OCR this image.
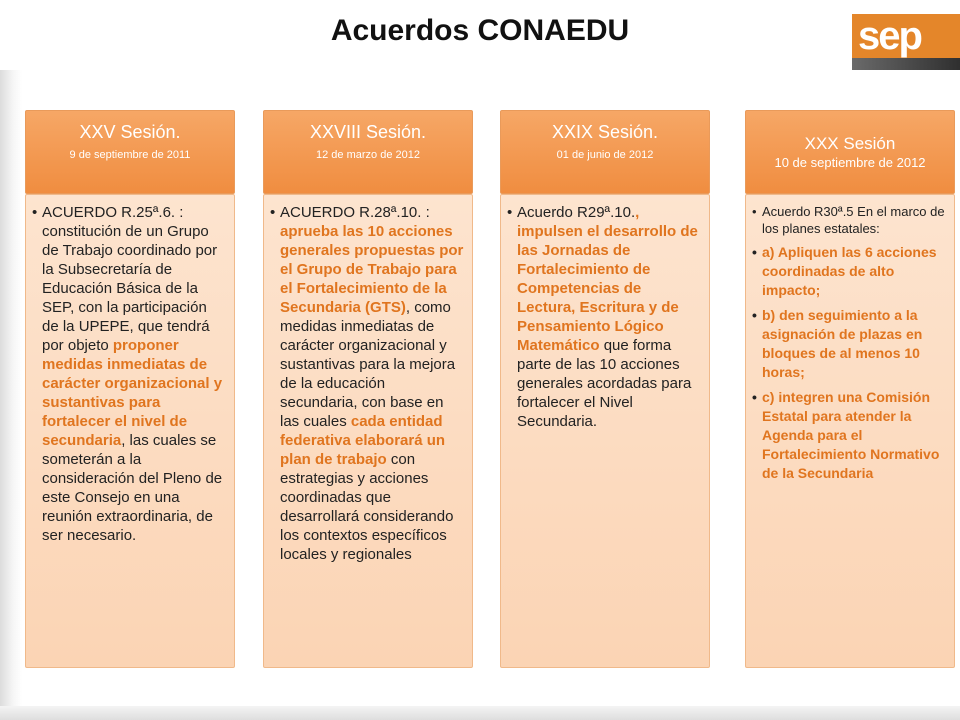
Acuerdos CONAEDU	sep
XXV Sesión.
9 de septiembre de 2011
• ACUERDO R.25ª.6. : constitución de un Grupo de Trabajo coordinado por la Subsecretaría de Educación Básica de la SEP, con la participación de la UPEPE, que tendrá por objeto proponer medidas inmediatas de carácter organizacional y sustantivas para fortalecer el nivel de secundaria, las cuales se someterán a la consideración del Pleno de este Consejo en una reunión extraordinaria, de ser necesario.
XXVIII Sesión.
12 de marzo de 2012
• ACUERDO R.28ª.10. : aprueba las 10 acciones generales propuestas por el Grupo de Trabajo para el Fortalecimiento de la Secundaria (GTS), como medidas inmediatas de carácter organizacional y sustantivas para la mejora de la educación secundaria, con base en las cuales cada entidad federativa elaborará un plan de trabajo con estrategias y acciones coordinadas que desarrollará considerando los contextos específicos locales y regionales
XXIX Sesión.
01 de junio de 2012
• Acuerdo R29ª.10., impulsen el desarrollo de las Jornadas de Fortalecimiento de Competencias de Lectura, Escritura y de Pensamiento Lógico Matemático que forma parte de las 10 acciones generales acordadas para fortalecer el Nivel Secundaria.
XXX Sesión
10 de septiembre de 2012
• Acuerdo R30ª.5 En el marco de los planes estatales:
• a) Apliquen las 6 acciones coordinadas de alto impacto;
• b) den seguimiento a la asignación de plazas en bloques de al menos 10 horas;
• c) integren una Comisión Estatal para atender la Agenda para el Fortalecimiento Normativo de la Secundaria
